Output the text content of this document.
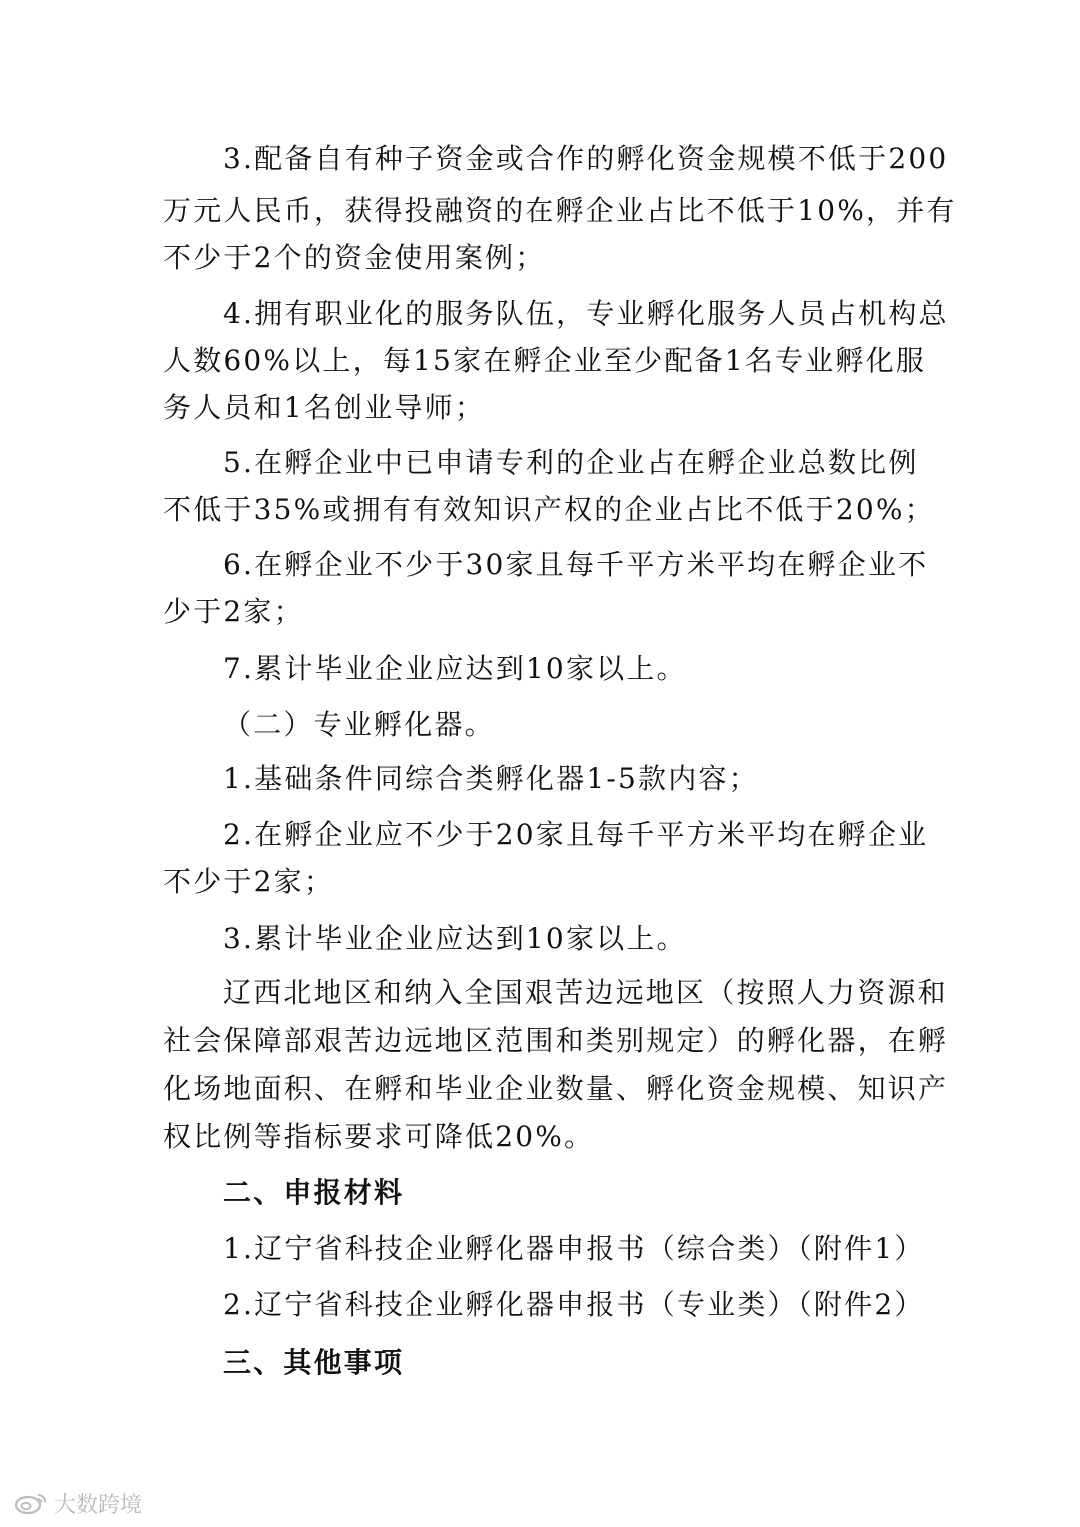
3.配备自有种子资金或合作的孵化资金规模不低于200
万元人民币，获得投融资的在孵企业占比不低于10%，并有
不少于2个的资金使用案例；
4.拥有职业化的服务队伍，专业孵化服务人员占机构总
人数60%以上，每15家在孵企业至少配备1名专业孵化服
务人员和1名创业导师；
5.在孵企业中已申请专利的企业占在孵企业总数比例
不低于35%或拥有有效知识产权的企业占比不低于20%；
6.在孵企业不少于30家且每千平方米平均在孵企业不
少于2家；
7.累计毕业企业应达到10家以上。
（二）专业孵化器。
1.基础条件同综合类孵化器1-5款内容；
2.在孵企业应不少于20家且每千平方米平均在孵企业
不少于2家；
3.累计毕业企业应达到10家以上。
辽西北地区和纳入全国艰苦边远地区（按照人力资源和
社会保障部艰苦边远地区范围和类别规定）的孵化器，在孵
化场地面积、在孵和毕业企业数量、孵化资金规模、知识产
权比例等指标要求可降低20%。
二、申报材料
1.辽宁省科技企业孵化器申报书（综合类）（附件1）
2.辽宁省科技企业孵化器申报书（专业类）（附件2）
三、其他事项
大数跨境
